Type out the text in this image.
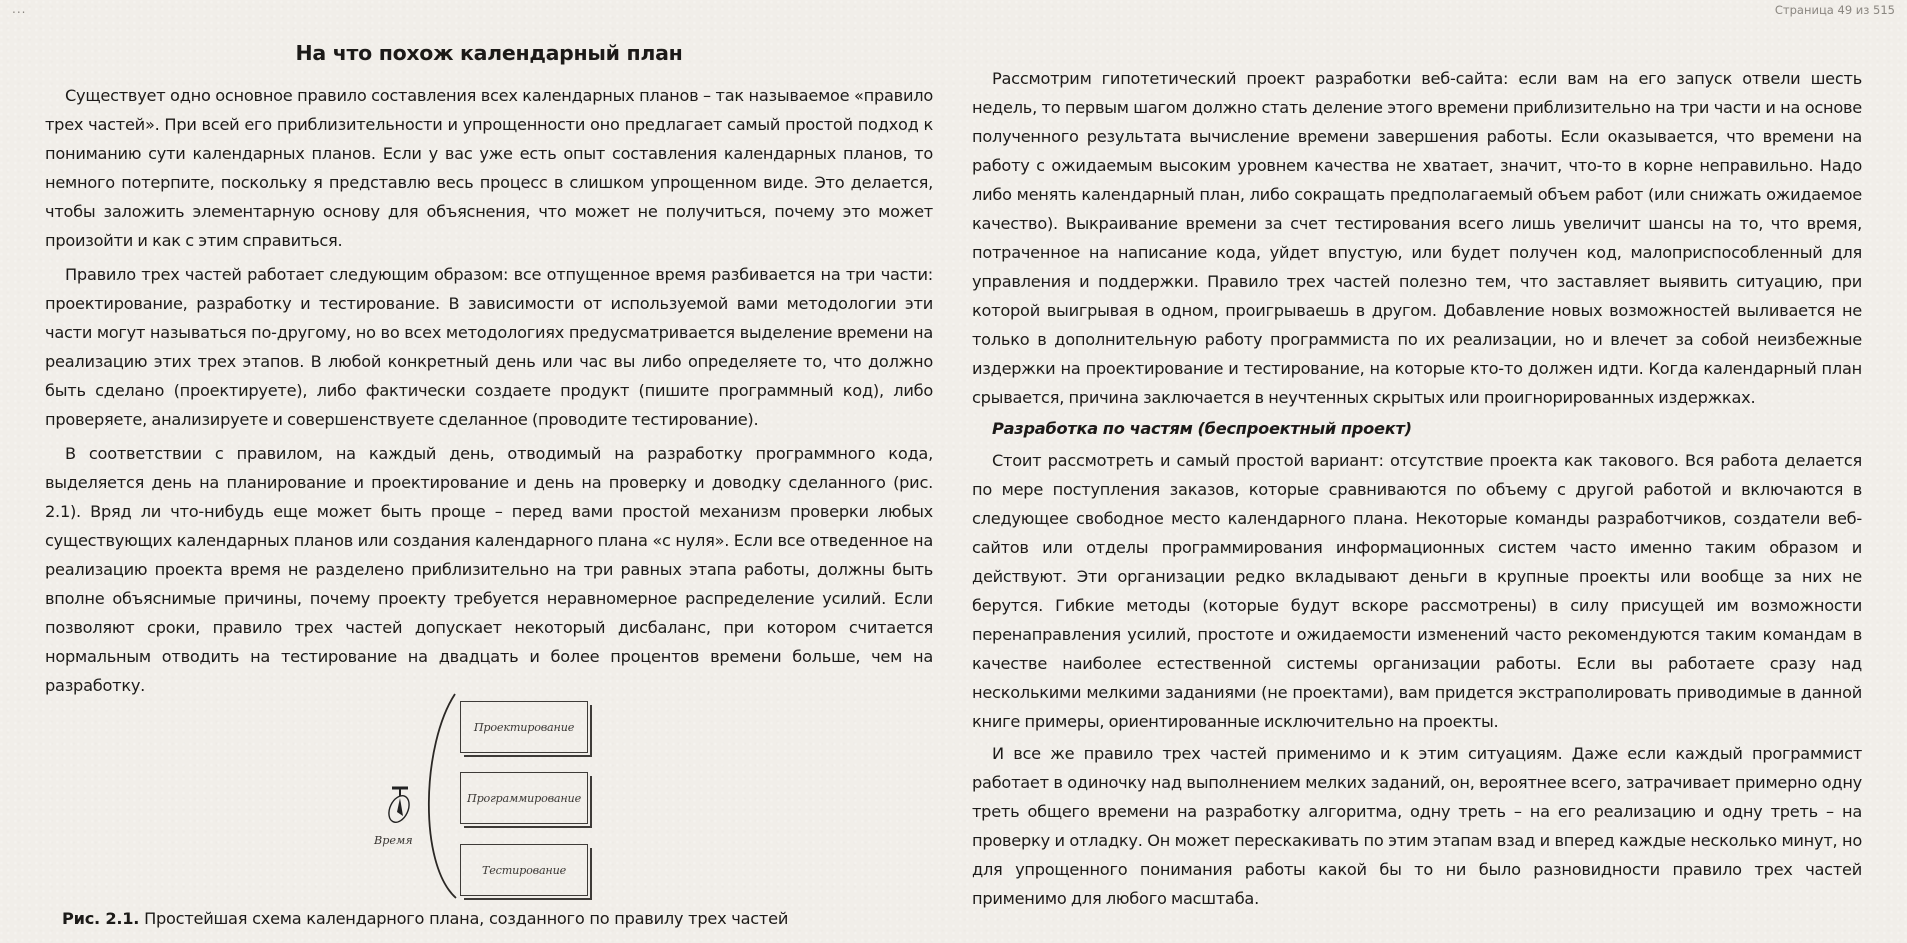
...	Страница 49 из 515
На что похож календарный план

Существует одно основное правило составления всех календарных планов – так называемое «правило трех частей». При всей его приблизительности и упрощенности оно предлагает самый простой подход к пониманию сути календарных планов. Если у вас уже есть опыт составления календарных планов, то немного потерпите, поскольку я представлю весь процесс в слишком упрощенном виде. Это делается, чтобы заложить элементарную основу для объяснения, что может не получиться, почему это может произойти и как с этим справиться.

Правило трех частей работает следующим образом: все отпущенное время разбивается на три части: проектирование, разработку и тестирование. В зависимости от используемой вами методологии эти части могут называться по-другому, но во всех методологиях предусматривается выделение времени на реализацию этих трех этапов. В любой конкретный день или час вы либо определяете то, что должно быть сделано (проектируете), либо фактически создаете продукт (пишите программный код), либо проверяете, анализируете и совершенствуете сделанное (проводите тестирование).

В соответствии с правилом, на каждый день, отводимый на разработку программного кода, выделяется день на планирование и проектирование и день на проверку и доводку сделанного (рис. 2.1). Вряд ли что-нибудь еще может быть проще – перед вами простой механизм проверки любых существующих календарных планов или создания календарного плана «с нуля». Если все отведенное на реализацию проекта время не разделено приблизительно на три равных этапа работы, должны быть вполне объяснимые причины, почему проекту требуется неравномерное распределение усилий. Если позволяют сроки, правило трех частей допускает некоторый дисбаланс, при котором считается нормальным отводить на тестирование на двадцать и более процентов времени больше, чем на разработку.

Время
Проектирование
Программирование
Тестирование
Рис. 2.1. Простейшая схема календарного плана, созданного по правилу трех частей

Рассмотрим гипотетический проект разработки веб-сайта: если вам на его запуск отвели шесть недель, то первым шагом должно стать деление этого времени приблизительно на три части и на основе полученного результата вычисление времени завершения работы. Если оказывается, что времени на работу с ожидаемым высоким уровнем качества не хватает, значит, что-то в корне неправильно. Надо либо менять календарный план, либо сокращать предполагаемый объем работ (или снижать ожидаемое качество). Выкраивание времени за счет тестирования всего лишь увеличит шансы на то, что время, потраченное на написание кода, уйдет впустую, или будет получен код, малоприспособленный для управления и поддержки. Правило трех частей полезно тем, что заставляет выявить ситуацию, при которой выигрывая в одном, проигрываешь в другом. Добавление новых возможностей выливается не только в дополнительную работу программиста по их реализации, но и влечет за собой неизбежные издержки на проектирование и тестирование, на которые кто-то должен идти. Когда календарный план срывается, причина заключается в неучтенных скрытых или проигнорированных издержках.

Разработка по частям (беспроектный проект)

Стоит рассмотреть и самый простой вариант: отсутствие проекта как такового. Вся работа делается по мере поступления заказов, которые сравниваются по объему с другой работой и включаются в следующее свободное место календарного плана. Некоторые команды разработчиков, создатели веб-сайтов или отделы программирования информационных систем часто именно таким образом и действуют. Эти организации редко вкладывают деньги в крупные проекты или вообще за них не берутся. Гибкие методы (которые будут вскоре рассмотрены) в силу присущей им возможности перенаправления усилий, простоте и ожидаемости изменений часто рекомендуются таким командам в качестве наиболее естественной системы организации работы. Если вы работаете сразу над несколькими мелкими заданиями (не проектами), вам придется экстраполировать приводимые в данной книге примеры, ориентированные исключительно на проекты.

И все же правило трех частей применимо и к этим ситуациям. Даже если каждый программист работает в одиночку над выполнением мелких заданий, он, вероятнее всего, затрачивает примерно одну треть общего времени на разработку алгоритма, одну треть – на его реализацию и одну треть – на проверку и отладку. Он может перескакивать по этим этапам взад и вперед каждые несколько минут, но для упрощенного понимания работы какой бы то ни было разновидности правило трех частей применимо для любого масштаба.
